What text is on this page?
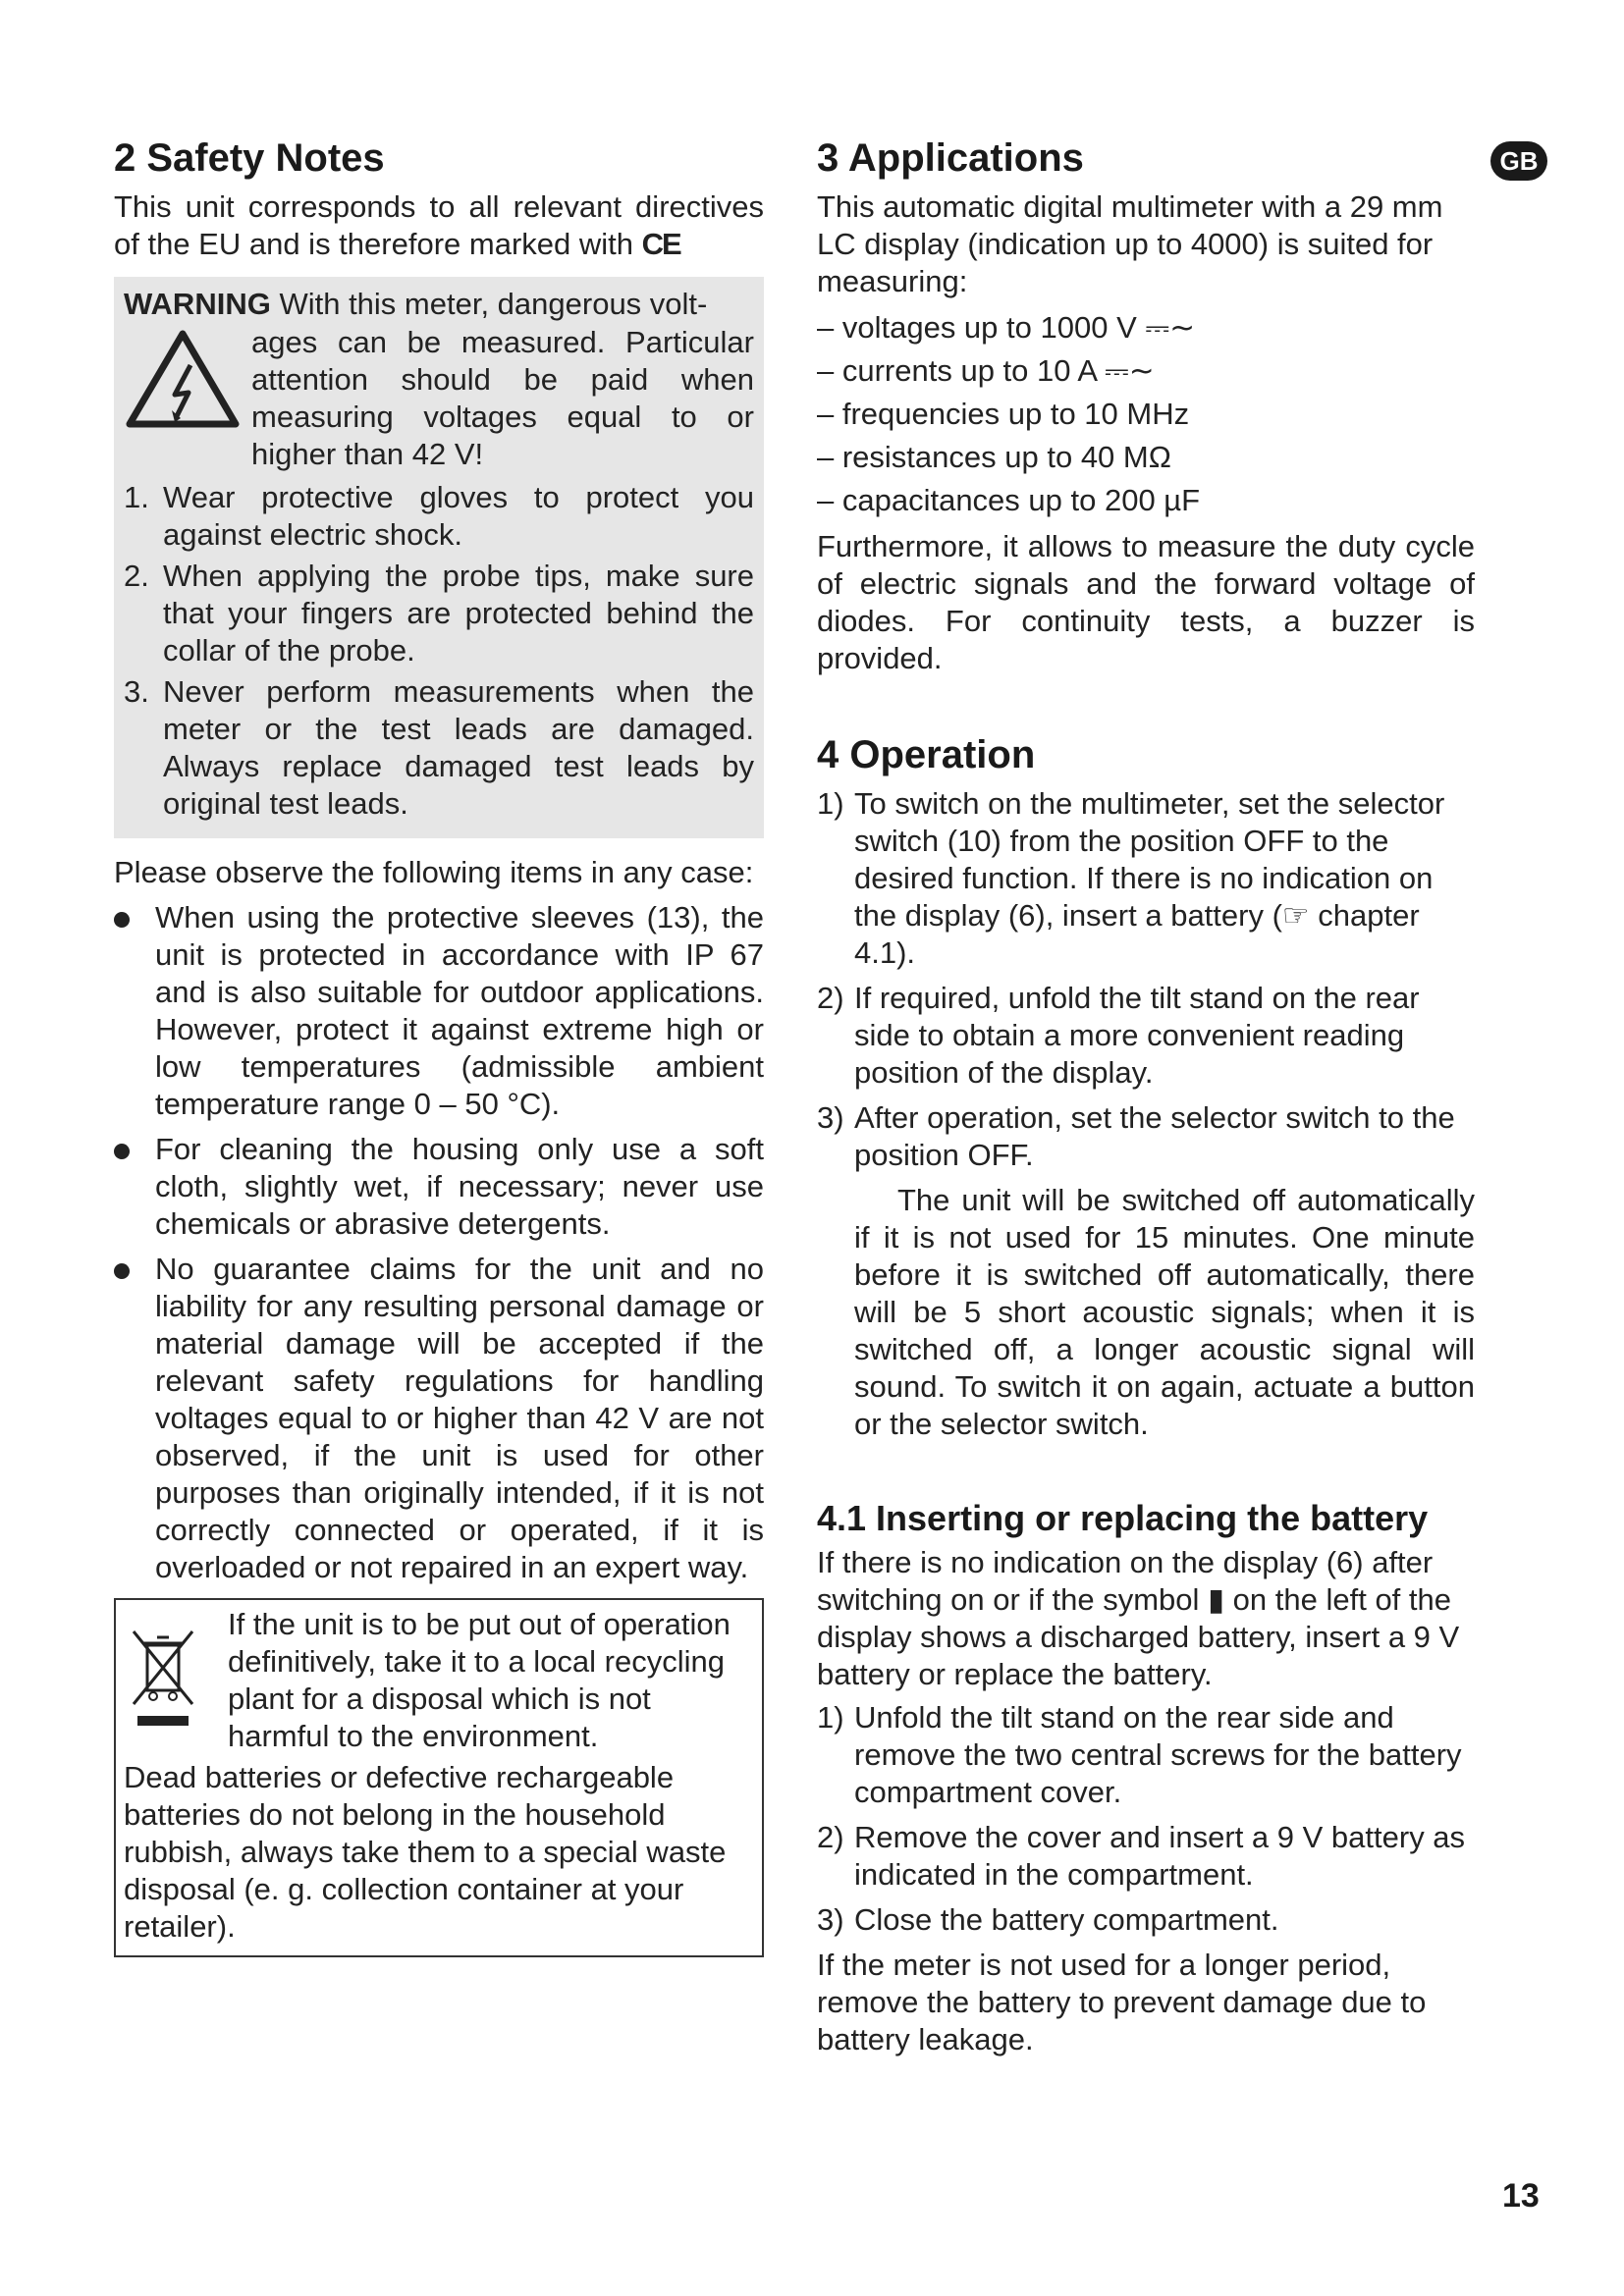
GB
2 Safety Notes

This unit corresponds to all relevant directives of the EU and is therefore marked with CE

WARNING With this meter, dangerous volt-
ages can be measured. Particular attention should be paid when measuring voltages equal to or higher than 42 V!
1. Wear protective gloves to protect you against electric shock.
2. When applying the probe tips, make sure that your fingers are protected behind the collar of the probe.
3. Never perform measurements when the meter or the test leads are damaged. Always replace damaged test leads by original test leads.

Please observe the following items in any case:

When using the protective sleeves (13), the unit is protected in accordance with IP 67 and is also suitable for outdoor applications. However, protect it against extreme high or low temperatures (admissible ambient temperature range 0 – 50 °C).
For cleaning the housing only use a soft cloth, slightly wet, if necessary; never use chemicals or abrasive detergents.
No guarantee claims for the unit and no liability for any resulting personal damage or material damage will be accepted if the relevant safety regulations for handling voltages equal to or higher than 42 V are not observed, if the unit is used for other purposes than originally intended, if it is not correctly connected or operated, if it is overloaded or not repaired in an expert way.
If the unit is to be put out of operation definitively, take it to a local recycling plant for a disposal which is not harmful to the environment.
Dead batteries or defective rechargeable batteries do not belong in the household rubbish, always take them to a special waste disposal (e. g. collection container at your retailer).
3 Applications

This automatic digital multimeter with a 29 mm LC display (indication up to 4000) is suited for measuring:

– voltages up to 1000 V ⎓∼
– currents up to 10 A ⎓∼
– frequencies up to 10 MHz
– resistances up to 40 MΩ
– capacitances up to 200 µF

Furthermore, it allows to measure the duty cycle of electric signals and the forward voltage of diodes. For continuity tests, a buzzer is provided.

4 Operation
1) To switch on the multimeter, set the selector switch (10) from the position OFF to the desired function. If there is no indication on the display (6), insert a battery (☞ chapter 4.1).
2) If required, unfold the tilt stand on the rear side to obtain a more convenient reading position of the display.
3) After operation, set the selector switch to the position OFF.
The unit will be switched off automatically if it is not used for 15 minutes. One minute before it is switched off automatically, there will be 5 short acoustic signals; when it is switched off, a longer acoustic signal will sound. To switch it on again, actuate a button or the selector switch.
4.1 Inserting or replacing the battery

If there is no indication on the display (6) after switching on or if the symbol ▮ on the left of the display shows a discharged battery, insert a 9 V battery or replace the battery.

1) Unfold the tilt stand on the rear side and remove the two central screws for the battery compartment cover.
2) Remove the cover and insert a 9 V battery as indicated in the compartment.
3) Close the battery compartment.

If the meter is not used for a longer period, remove the battery to prevent damage due to battery leakage.

13
